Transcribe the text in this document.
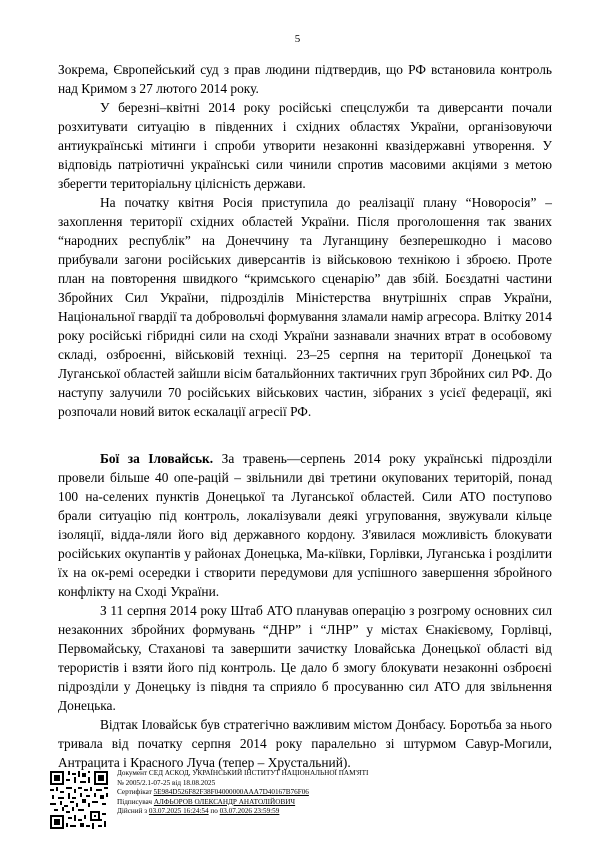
5

Зокрема, Європейський суд з прав людини підтвердив, що РФ встановила контроль над Кримом з 27 лютого 2014 року.

У березні–квітні 2014 року російські спецслужби та диверсанти почали розхитувати ситуацію в південних і східних областях України, організовуючи антиукраїнські мітинги і спроби утворити незаконні квазідержавні утворення. У відповідь патріотичні українські сили чинили спротив масовими акціями з метою зберегти територіальну цілісність держави.

На початку квітня Росія приступила до реалізації плану “Новоросія” – захоплення території східних областей України. Після проголошення так званих “народних республік” на Донеччину та Луганщину безперешкодно і масово прибували загони російських диверсантів із військовою технікою і зброєю. Проте план на повторення швидкого “кримського сценарію” дав збій. Боєздатні частини Збройних Сил України, підрозділів Міністерства внутрішніх справ України, Національної гвардії та добровольчі формування зламали намір агресора. Влітку 2014 року російські гібридні сили на сході України зазнавали значних втрат в особовому складі, озброєнні, військовій техніці. 23–25 серпня на території Донецької та Луганської областей зайшли вісім батальйонних тактичних груп Збройних сил РФ. До наступу залучили 70 російських військових частин, зібраних з усієї федерації, які розпочали новий виток ескалації агресії РФ.

Бої за Іловайськ. За травень—серпень 2014 року українські підрозділи провели більше 40 опе-рацій – звільнили дві третини окупованих територій, понад 100 на-селених пунктів Донецької та Луганської областей. Сили АТО поступово брали ситуацію під контроль, локалізували деякі угруповання, звужували кільце ізоляції, відда-ляли його від державного кордону. З'явилася можливість блокувати російських окупантів у районах Донецька, Ма-кіївки, Горлівки, Луганська і розділити їх на ок-ремі осередки і створити передумови для успішного завершення збройного конфлікту на Сході України.

З 11 серпня 2014 року Штаб АТО планував операцію з розгрому основних сил незаконних збройних формувань “ДНР” і “ЛНР” у містах Єнакієвому, Горлівці, Первомайську, Стаханові та завершити зачистку Іловайська Донецької області від терористів і взяти його під контроль. Це дало б змогу блокувати незаконні озброєні підрозділи у Донецьку із півдня та сприяло б просуванню сил АТО для звільнення Донецька.

Відтак Іловайськ був стратегічно важливим містом Донбасу. Боротьба за нього тривала від початку серпня 2014 року паралельно зі штурмом Савур-Могили, Антрацита і Красного Луча (тепер – Хрустальний).

Документ СЕД АСКОД, УКРАЇНСЬКИЙ ІНСТИТУТ НАЦІОНАЛЬНОЇ ПАМ'ЯТІ
№ 2005/2.1-07-25 від 18.08.2025
Сертифікат 5E984D526F82F38F04000000AAA7D40167B76F06
Підписувач АЛФЬОРОВ ОЛЕКСАНДР АНАТОЛІЙОВИЧ
Дійсний з 03.07.2025 16:24:54 по 03.07.2026 23:59:59
